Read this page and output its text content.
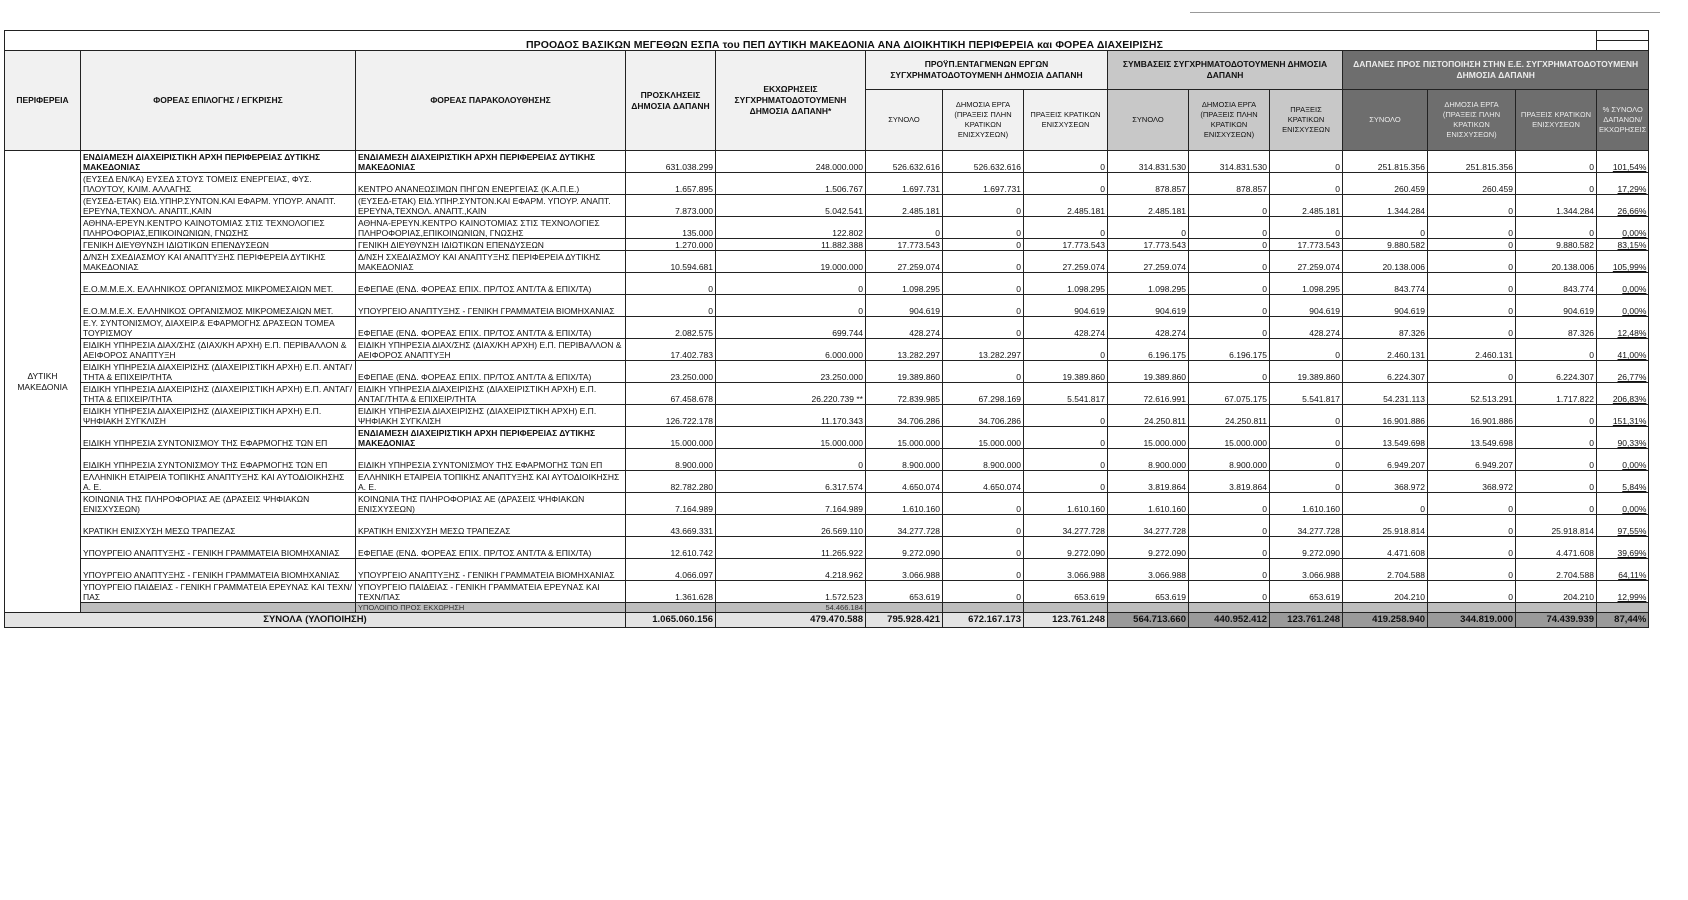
ΠΡΟΟΔΟΣ ΒΑΣΙΚΩΝ ΜΕΓΕΘΩΝ ΕΣΠΑ του ΠΕΠ ΔΥΤΙΚΗ ΜΑΚΕΔΟΝΙΑ ΑΝΑ ΔΙΟΙΚΗΤΙΚΗ ΠΕΡΙΦΕΡΕΙΑ και ΦΟΡΕΑ ΔΙΑΧΕΙΡΙΣΗΣ														

ΠΕΡΙΦΕΡΕΙΑ	ΦΟΡΕΑΣ ΕΠΙΛΟΓΗΣ / ΕΓΚΡΙΣΗΣ	ΦΟΡΕΑΣ ΠΑΡΑΚΟΛΟΥΘΗΣΗΣ	ΠΡΟΣΚΛΗΣΕΙΣ ΔΗΜΟΣΙΑ ΔΑΠΑΝΗ	ΕΚΧΩΡΗΣΕΙΣ ΣΥΓΧΡΗΜΑΤΟΔΟΤΟΥΜΕΝΗ ΔΗΜΟΣΙΑ ΔΑΠΑΝΗ*	ΠΡΟΫΠ.ΕΝΤΑΓΜΕΝΩΝ ΕΡΓΩΝ ΣΥΓΧΡΗΜΑΤΟΔΟΤΟΥΜΕΝΗ ΔΗΜΟΣΙΑ ΔΑΠΑΝΗ			ΣΥΜΒΑΣΕΙΣ ΣΥΓΧΡΗΜΑΤΟΔΟΤΟΥΜΕΝΗ ΔΗΜΟΣΙΑ ΔΑΠΑΝΗ			ΔΑΠΑΝΕΣ ΠΡΟΣ ΠΙΣΤΟΠΟΙΗΣΗ ΣΤΗΝ Ε.Ε. ΣΥΓΧΡΗΜΑΤΟΔΟΤΟΥΜΕΝΗ ΔΗΜΟΣΙΑ ΔΑΠΑΝΗ			
					ΣΥΝΟΛΟ	ΔΗΜΟΣΙΑ ΕΡΓΑ (ΠΡΑΞΕΙΣ ΠΛΗΝ ΚΡΑΤΙΚΩΝ ΕΝΙΣΧΥΣΕΩΝ)	ΠΡΑΞΕΙΣ ΚΡΑΤΙΚΩΝ ΕΝΙΣΧΥΣΕΩΝ	ΣΥΝΟΛΟ	ΔΗΜΟΣΙΑ ΕΡΓΑ (ΠΡΑΞΕΙΣ ΠΛΗΝ ΚΡΑΤΙΚΩΝ ΕΝΙΣΧΥΣΕΩΝ)	ΠΡΑΞΕΙΣ ΚΡΑΤΙΚΩΝ ΕΝΙΣΧΥΣΕΩΝ	ΣΥΝΟΛΟ	ΔΗΜΟΣΙΑ ΕΡΓΑ (ΠΡΑΞΕΙΣ ΠΛΗΝ ΚΡΑΤΙΚΩΝ ΕΝΙΣΧΥΣΕΩΝ)	ΠΡΑΞΕΙΣ ΚΡΑΤΙΚΩΝ ΕΝΙΣΧΥΣΕΩΝ	% ΣΥΝΟΛΟ ΔΑΠΑΝΩΝ/ΕΚΧΩΡΗΣΕΙΣ
ΔΥΤΙΚΗ ΜΑΚΕΔΟΝΙΑ	ΕΝΔΙΑΜΕΣΗ ΔΙΑΧΕΙΡΙΣΤΙΚΗ ΑΡΧΗ ΠΕΡΙΦΕΡΕΙΑΣ ΔΥΤΙΚΗΣ ΜΑΚΕΔΟΝΙΑΣ	ΕΝΔΙΑΜΕΣΗ ΔΙΑΧΕΙΡΙΣΤΙΚΗ ΑΡΧΗ ΠΕΡΙΦΕΡΕΙΑΣ ΔΥΤΙΚΗΣ ΜΑΚΕΔΟΝΙΑΣ	631.038.299	248.000.000	526.632.616	526.632.616	0	314.831.530	314.831.530	0	251.815.356	251.815.356	0	101,54%
	(ΕΥΣΕΔ ΕΝ/ΚΑ) ΕΥΣΕΔ ΣΤΟΥΣ ΤΟΜΕΙΣ ΕΝΕΡΓΕΙΑΣ, ΦΥΣ. ΠΛΟΥΤΟΥ, ΚΛΙΜ. ΑΛΛΑΓΗΣ	ΚΕΝΤΡΟ ΑΝΑΝΕΩΣΙΜΩΝ ΠΗΓΩΝ ΕΝΕΡΓΕΙΑΣ (Κ.Α.Π.Ε.)	1.657.895	1.506.767	1.697.731	1.697.731	0	878.857	878.857	0	260.459	260.459	0	17,29%
	(ΕΥΣΕΔ-ΕΤΑΚ) ΕΙΔ.ΥΠΗΡ.ΣΥΝΤΟΝ.ΚΑΙ ΕΦΑΡΜ. ΥΠΟΥΡ. ΑΝΑΠΤ. ΕΡΕΥΝΑ,ΤΕΧΝΟΛ. ΑΝΑΠΤ.,ΚΑΙΝ	(ΕΥΣΕΔ-ΕΤΑΚ) ΕΙΔ.ΥΠΗΡ.ΣΥΝΤΟΝ.ΚΑΙ ΕΦΑΡΜ. ΥΠΟΥΡ. ΑΝΑΠΤ. ΕΡΕΥΝΑ,ΤΕΧΝΟΛ. ΑΝΑΠΤ.,ΚΑΙΝ	7.873.000	5.042.541	2.485.181	0	2.485.181	2.485.181	0	2.485.181	1.344.284	0	1.344.284	26,66%
	ΑΘΗΝΑ-ΕΡΕΥΝ.ΚΕΝΤΡΟ ΚΑΙΝΟΤΟΜΙΑΣ ΣΤΙΣ ΤΕΧΝΟΛΟΓΙΕΣ ΠΛΗΡΟΦΟΡΙΑΣ,ΕΠΙΚΟΙΝΩΝΙΩΝ, ΓΝΩΣΗΣ	ΑΘΗΝΑ-ΕΡΕΥΝ.ΚΕΝΤΡΟ ΚΑΙΝΟΤΟΜΙΑΣ ΣΤΙΣ ΤΕΧΝΟΛΟΓΙΕΣ ΠΛΗΡΟΦΟΡΙΑΣ,ΕΠΙΚΟΙΝΩΝΙΩΝ, ΓΝΩΣΗΣ	135.000	122.802	0	0	0	0	0	0	0	0	0	0,00%
	ΓΕΝΙΚΗ ΔΙΕΥΘΥΝΣΗ ΙΔΙΩΤΙΚΩΝ ΕΠΕΝΔΥΣΕΩΝ	ΓΕΝΙΚΗ ΔΙΕΥΘΥΝΣΗ ΙΔΙΩΤΙΚΩΝ ΕΠΕΝΔΥΣΕΩΝ	1.270.000	11.882.388	17.773.543	0	17.773.543	17.773.543	0	17.773.543	9.880.582	0	9.880.582	83,15%
	Δ/ΝΣΗ ΣΧΕΔΙΑΣΜΟΥ ΚΑΙ ΑΝΑΠΤΥΞΗΣ ΠΕΡΙΦΕΡΕΙΑ ΔΥΤΙΚΗΣ ΜΑΚΕΔΟΝΙΑΣ	Δ/ΝΣΗ ΣΧΕΔΙΑΣΜΟΥ ΚΑΙ ΑΝΑΠΤΥΞΗΣ ΠΕΡΙΦΕΡΕΙΑ ΔΥΤΙΚΗΣ ΜΑΚΕΔΟΝΙΑΣ	10.594.681	19.000.000	27.259.074	0	27.259.074	27.259.074	0	27.259.074	20.138.006	0	20.138.006	105,99%
	Ε.Ο.Μ.Μ.Ε.Χ. ΕΛΛΗΝΙΚΟΣ ΟΡΓΑΝΙΣΜΟΣ ΜΙΚΡΟΜΕΣΑΙΩΝ ΜΕΤ.	ΕΦΕΠΑΕ (ΕΝΔ. ΦΟΡΕΑΣ ΕΠΙΧ. ΠΡ/ΤΟΣ ΑΝΤ/ΤΑ & ΕΠΙΧ/ΤΑ)	0	0	1.098.295	0	1.098.295	1.098.295	0	1.098.295	843.774	0	843.774	0,00%
	Ε.Ο.Μ.Μ.Ε.Χ. ΕΛΛΗΝΙΚΟΣ ΟΡΓΑΝΙΣΜΟΣ ΜΙΚΡΟΜΕΣΑΙΩΝ ΜΕΤ.	ΥΠΟΥΡΓΕΙΟ ΑΝΑΠΤΥΞΗΣ - ΓΕΝΙΚΗ ΓΡΑΜΜΑΤΕΙΑ ΒΙΟΜΗΧΑΝΙΑΣ	0	0	904.619	0	904.619	904.619	0	904.619	904.619	0	904.619	0,00%
	Ε.Υ. ΣΥΝΤΟΝΙΣΜΟΥ, ΔΙΑΧΕΙΡ.& ΕΦΑΡΜΟΓΗΣ ΔΡΑΣΕΩΝ ΤΟΜΕΑ ΤΟΥΡΙΣΜΟΥ	ΕΦΕΠΑΕ (ΕΝΔ. ΦΟΡΕΑΣ ΕΠΙΧ. ΠΡ/ΤΟΣ ΑΝΤ/ΤΑ & ΕΠΙΧ/ΤΑ)	2.082.575	699.744	428.274	0	428.274	428.274	0	428.274	87.326	0	87.326	12,48%
	ΕΙΔΙΚΗ ΥΠΗΡΕΣΙΑ ΔΙΑΧ/ΣΗΣ (ΔΙΑΧ/ΚΗ ΑΡΧΗ) Ε.Π. ΠΕΡΙΒΑΛΛΟΝ & ΑΕΙΦΟΡΟΣ ΑΝΑΠΤΥΞΗ	ΕΙΔΙΚΗ ΥΠΗΡΕΣΙΑ ΔΙΑΧ/ΣΗΣ (ΔΙΑΧ/ΚΗ ΑΡΧΗ) Ε.Π. ΠΕΡΙΒΑΛΛΟΝ & ΑΕΙΦΟΡΟΣ ΑΝΑΠΤΥΞΗ	17.402.783	6.000.000	13.282.297	13.282.297	0	6.196.175	6.196.175	0	2.460.131	2.460.131	0	41,00%
	ΕΙΔΙΚΗ ΥΠΗΡΕΣΙΑ ΔΙΑΧΕΙΡΙΣΗΣ (ΔΙΑΧΕΙΡΙΣΤΙΚΗ ΑΡΧΗ) Ε.Π. ΑΝΤΑΓ/ΤΗΤΑ & ΕΠΙΧΕΙΡ/ΤΗΤΑ	ΕΦΕΠΑΕ (ΕΝΔ. ΦΟΡΕΑΣ ΕΠΙΧ. ΠΡ/ΤΟΣ ΑΝΤ/ΤΑ & ΕΠΙΧ/ΤΑ)	23.250.000	23.250.000	19.389.860	0	19.389.860	19.389.860	0	19.389.860	6.224.307	0	6.224.307	26,77%
	ΕΙΔΙΚΗ ΥΠΗΡΕΣΙΑ ΔΙΑΧΕΙΡΙΣΗΣ (ΔΙΑΧΕΙΡΙΣΤΙΚΗ ΑΡΧΗ) Ε.Π. ΑΝΤΑΓ/ΤΗΤΑ & ΕΠΙΧΕΙΡ/ΤΗΤΑ	ΕΙΔΙΚΗ ΥΠΗΡΕΣΙΑ ΔΙΑΧΕΙΡΙΣΗΣ (ΔΙΑΧΕΙΡΙΣΤΙΚΗ ΑΡΧΗ) Ε.Π. ΑΝΤΑΓ/ΤΗΤΑ & ΕΠΙΧΕΙΡ/ΤΗΤΑ	67.458.678	26.220.739 **	72.839.985	67.298.169	5.541.817	72.616.991	67.075.175	5.541.817	54.231.113	52.513.291	1.717.822	206,83%
	ΕΙΔΙΚΗ ΥΠΗΡΕΣΙΑ ΔΙΑΧΕΙΡΙΣΗΣ (ΔΙΑΧΕΙΡΙΣΤΙΚΗ ΑΡΧΗ) Ε.Π. ΨΗΦΙΑΚΗ ΣΥΓΚΛΙΣΗ	ΕΙΔΙΚΗ ΥΠΗΡΕΣΙΑ ΔΙΑΧΕΙΡΙΣΗΣ (ΔΙΑΧΕΙΡΙΣΤΙΚΗ ΑΡΧΗ) Ε.Π. ΨΗΦΙΑΚΗ ΣΥΓΚΛΙΣΗ	126.722.178	11.170.343	34.706.286	34.706.286	0	24.250.811	24.250.811	0	16.901.886	16.901.886	0	151,31%
	ΕΙΔΙΚΗ ΥΠΗΡΕΣΙΑ ΣΥΝΤΟΝΙΣΜΟΥ ΤΗΣ ΕΦΑΡΜΟΓΗΣ ΤΩΝ ΕΠ	ΕΝΔΙΑΜΕΣΗ ΔΙΑΧΕΙΡΙΣΤΙΚΗ ΑΡΧΗ ΠΕΡΙΦΕΡΕΙΑΣ ΔΥΤΙΚΗΣ ΜΑΚΕΔΟΝΙΑΣ	15.000.000	15.000.000	15.000.000	15.000.000	0	15.000.000	15.000.000	0	13.549.698	13.549.698	0	90,33%
	ΕΙΔΙΚΗ ΥΠΗΡΕΣΙΑ ΣΥΝΤΟΝΙΣΜΟΥ ΤΗΣ ΕΦΑΡΜΟΓΗΣ ΤΩΝ ΕΠ	ΕΙΔΙΚΗ ΥΠΗΡΕΣΙΑ ΣΥΝΤΟΝΙΣΜΟΥ ΤΗΣ ΕΦΑΡΜΟΓΗΣ ΤΩΝ ΕΠ	8.900.000	0	8.900.000	8.900.000	0	8.900.000	8.900.000	0	6.949.207	6.949.207	0	0,00%
	ΕΛΛΗΝΙΚΗ ΕΤΑΙΡΕΙΑ ΤΟΠΙΚΗΣ ΑΝΑΠΤΥΞΗΣ ΚΑΙ ΑΥΤΟΔΙΟΙΚΗΣΗΣ Α. Ε.	ΕΛΛΗΝΙΚΗ ΕΤΑΙΡΕΙΑ ΤΟΠΙΚΗΣ ΑΝΑΠΤΥΞΗΣ ΚΑΙ ΑΥΤΟΔΙΟΙΚΗΣΗΣ Α. Ε.	82.782.280	6.317.574	4.650.074	4.650.074	0	3.819.864	3.819.864	0	368.972	368.972	0	5,84%
	ΚΟΙΝΩΝΙΑ ΤΗΣ ΠΛΗΡΟΦΟΡΙΑΣ ΑΕ (ΔΡΑΣΕΙΣ ΨΗΦΙΑΚΩΝ ΕΝΙΣΧΥΣΕΩΝ)	ΚΟΙΝΩΝΙΑ ΤΗΣ ΠΛΗΡΟΦΟΡΙΑΣ ΑΕ (ΔΡΑΣΕΙΣ ΨΗΦΙΑΚΩΝ ΕΝΙΣΧΥΣΕΩΝ)	7.164.989	7.164.989	1.610.160	0	1.610.160	1.610.160	0	1.610.160	0	0	0	0,00%
	ΚΡΑΤΙΚΗ ΕΝΙΣΧΥΣΗ ΜΕΣΩ ΤΡΑΠΕΖΑΣ	ΚΡΑΤΙΚΗ ΕΝΙΣΧΥΣΗ ΜΕΣΩ ΤΡΑΠΕΖΑΣ	43.669.331	26.569.110	34.277.728	0	34.277.728	34.277.728	0	34.277.728	25.918.814	0	25.918.814	97,55%
	ΥΠΟΥΡΓΕΙΟ ΑΝΑΠΤΥΞΗΣ - ΓΕΝΙΚΗ ΓΡΑΜΜΑΤΕΙΑ ΒΙΟΜΗΧΑΝΙΑΣ	ΕΦΕΠΑΕ (ΕΝΔ. ΦΟΡΕΑΣ ΕΠΙΧ. ΠΡ/ΤΟΣ ΑΝΤ/ΤΑ & ΕΠΙΧ/ΤΑ)	12.610.742	11.265.922	9.272.090	0	9.272.090	9.272.090	0	9.272.090	4.471.608	0	4.471.608	39,69%
	ΥΠΟΥΡΓΕΙΟ ΑΝΑΠΤΥΞΗΣ - ΓΕΝΙΚΗ ΓΡΑΜΜΑΤΕΙΑ ΒΙΟΜΗΧΑΝΙΑΣ	ΥΠΟΥΡΓΕΙΟ ΑΝΑΠΤΥΞΗΣ - ΓΕΝΙΚΗ ΓΡΑΜΜΑΤΕΙΑ ΒΙΟΜΗΧΑΝΙΑΣ	4.066.097	4.218.962	3.066.988	0	3.066.988	3.066.988	0	3.066.988	2.704.588	0	2.704.588	64,11%
	ΥΠΟΥΡΓΕΙΟ ΠΑΙΔΕΙΑΣ - ΓΕΝΙΚΗ ΓΡΑΜΜΑΤΕΙΑ ΕΡΕΥΝΑΣ ΚΑΙ ΤΕΧΝ/ΠΑΣ	ΥΠΟΥΡΓΕΙΟ ΠΑΙΔΕΙΑΣ - ΓΕΝΙΚΗ ΓΡΑΜΜΑΤΕΙΑ ΕΡΕΥΝΑΣ ΚΑΙ ΤΕΧΝ/ΠΑΣ	1.361.628	1.572.523	653.619	0	653.619	653.619	0	653.619	204.210	0	204.210	12,99%
		ΥΠΟΛΟΙΠΟ ΠΡΟΣ ΕΚΧΩΡΗΣΗ		54.466.184										
ΣΥΝΟΛΑ (ΥΛΟΠΟΙΗΣΗ)			1.065.060.156	479.470.588	795.928.421	672.167.173	123.761.248	564.713.660	440.952.412	123.761.248	419.258.940	344.819.000	74.439.939	87,44%
